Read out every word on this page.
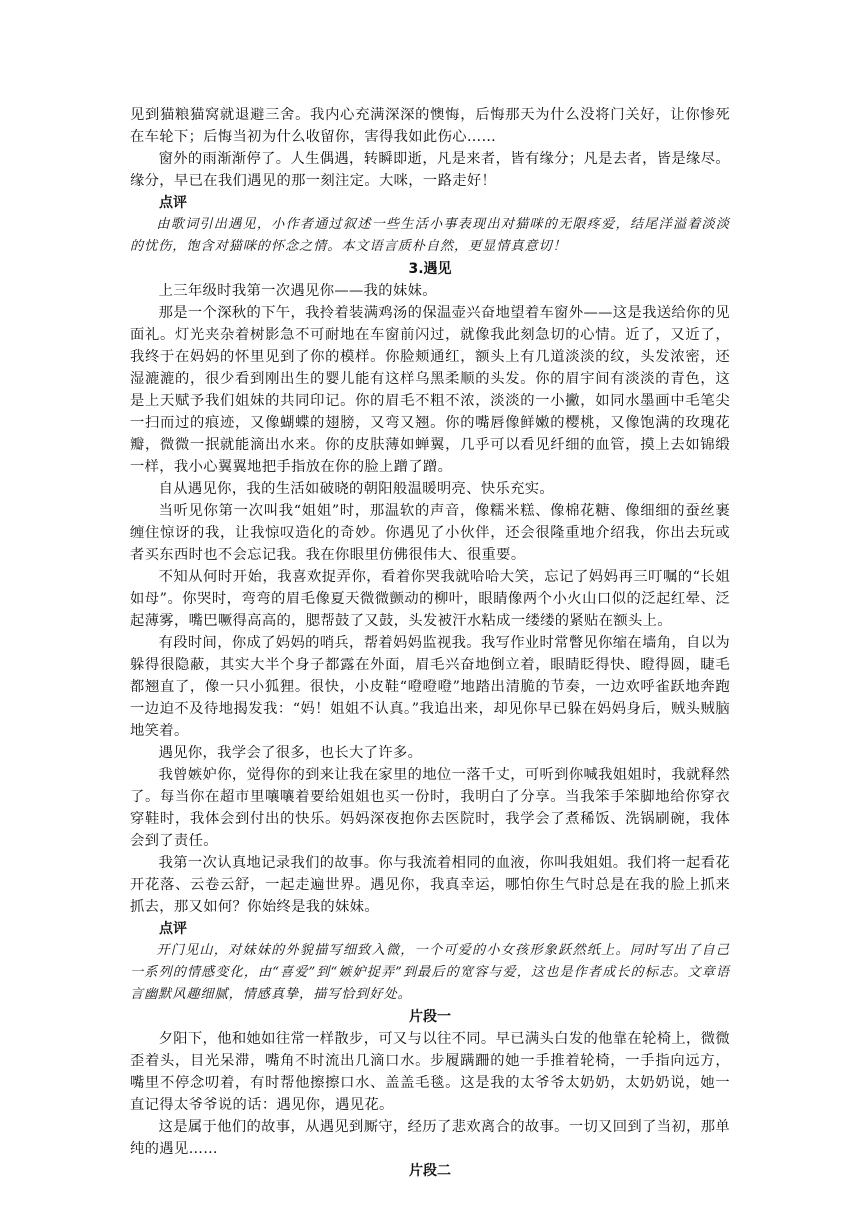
见到猫粮猫窝就退避三舍。我内心充满深深的懊悔，后悔那天为什么没将门关好，让你惨死在车轮下；后悔当初为什么收留你，害得我如此伤心……

窗外的雨渐渐停了。人生偶遇，转瞬即逝，凡是来者，皆有缘分；凡是去者，皆是缘尽。缘分，早已在我们遇见的那一刻注定。大咪，一路走好！

点评

由歌词引出遇见，小作者通过叙述一些生活小事表现出对猫咪的无限疼爱，结尾洋溢着淡淡的忧伤，饱含对猫咪的怀念之情。本文语言质朴自然，更显情真意切！

3.遇见

上三年级时我第一次遇见你——我的妹妹。

那是一个深秋的下午，我拎着装满鸡汤的保温壶兴奋地望着车窗外——这是我送给你的见面礼。灯光夹杂着树影急不可耐地在车窗前闪过，就像我此刻急切的心情。近了，又近了，我终于在妈妈的怀里见到了你的模样。你脸颊通红，额头上有几道淡淡的纹，头发浓密，还湿漉漉的，很少看到刚出生的婴儿能有这样乌黑柔顺的头发。你的眉宇间有淡淡的青色，这是上天赋予我们姐妹的共同印记。你的眉毛不粗不浓，淡淡的一小撇，如同水墨画中毛笔尖一扫而过的痕迹，又像蝴蝶的翅膀，又弯又翘。你的嘴唇像鲜嫩的樱桃，又像饱满的玫瑰花瓣，微微一抿就能滴出水来。你的皮肤薄如蝉翼，几乎可以看见纤细的血管，摸上去如锦缎一样，我小心翼翼地把手指放在你的脸上蹭了蹭。

自从遇见你，我的生活如破晓的朝阳般温暖明亮、快乐充实。

当听见你第一次叫我“姐姐”时，那温软的声音，像糯米糕、像棉花糖、像细细的蚕丝裹缠住惊讶的我，让我惊叹造化的奇妙。你遇见了小伙伴，还会很隆重地介绍我，你出去玩或者买东西时也不会忘记我。我在你眼里仿佛很伟大、很重要。

不知从何时开始，我喜欢捉弄你，看着你哭我就哈哈大笑，忘记了妈妈再三叮嘱的“长姐如母”。你哭时，弯弯的眉毛像夏天微微颤动的柳叶，眼睛像两个小火山口似的泛起红晕、泛起薄雾，嘴巴噘得高高的，腮帮鼓了又鼓，头发被汗水粘成一缕缕的紧贴在额头上。

有段时间，你成了妈妈的哨兵，帮着妈妈监视我。我写作业时常瞥见你缩在墙角，自以为躲得很隐蔽，其实大半个身子都露在外面，眉毛兴奋地倒立着，眼睛眨得快、瞪得圆，睫毛都翘直了，像一只小狐狸。很快，小皮鞋“噔噔噔”地踏出清脆的节奏，一边欢呼雀跃地奔跑一边迫不及待地揭发我：“妈！姐姐不认真。”我追出来，却见你早已躲在妈妈身后，贼头贼脑地笑着。

遇见你，我学会了很多，也长大了许多。

我曾嫉妒你，觉得你的到来让我在家里的地位一落千丈，可听到你喊我姐姐时，我就释然了。每当你在超市里嚷嚷着要给姐姐也买一份时，我明白了分享。当我笨手笨脚地给你穿衣穿鞋时，我体会到付出的快乐。妈妈深夜抱你去医院时，我学会了煮稀饭、洗锅刷碗，我体会到了责任。

我第一次认真地记录我们的故事。你与我流着相同的血液，你叫我姐姐。我们将一起看花开花落、云卷云舒，一起走遍世界。遇见你，我真幸运，哪怕你生气时总是在我的脸上抓来抓去，那又如何？你始终是我的妹妹。

点评

开门见山，对妹妹的外貌描写细致入微，一个可爱的小女孩形象跃然纸上。同时写出了自己一系列的情感变化，由“喜爱”到“嫉妒捉弄”到最后的宽容与爱，这也是作者成长的标志。文章语言幽默风趣细腻，情感真挚，描写恰到好处。

片段一

夕阳下，他和她如往常一样散步，可又与以往不同。早已满头白发的他靠在轮椅上，微微歪着头，目光呆滞，嘴角不时流出几滴口水。步履蹒跚的她一手推着轮椅，一手指向远方，嘴里不停念叨着，有时帮他擦擦口水、盖盖毛毯。这是我的太爷爷太奶奶，太奶奶说，她一直记得太爷爷说的话：遇见你，遇见花。

这是属于他们的故事，从遇见到厮守，经历了悲欢离合的故事。一切又回到了当初，那单纯的遇见……

片段二
